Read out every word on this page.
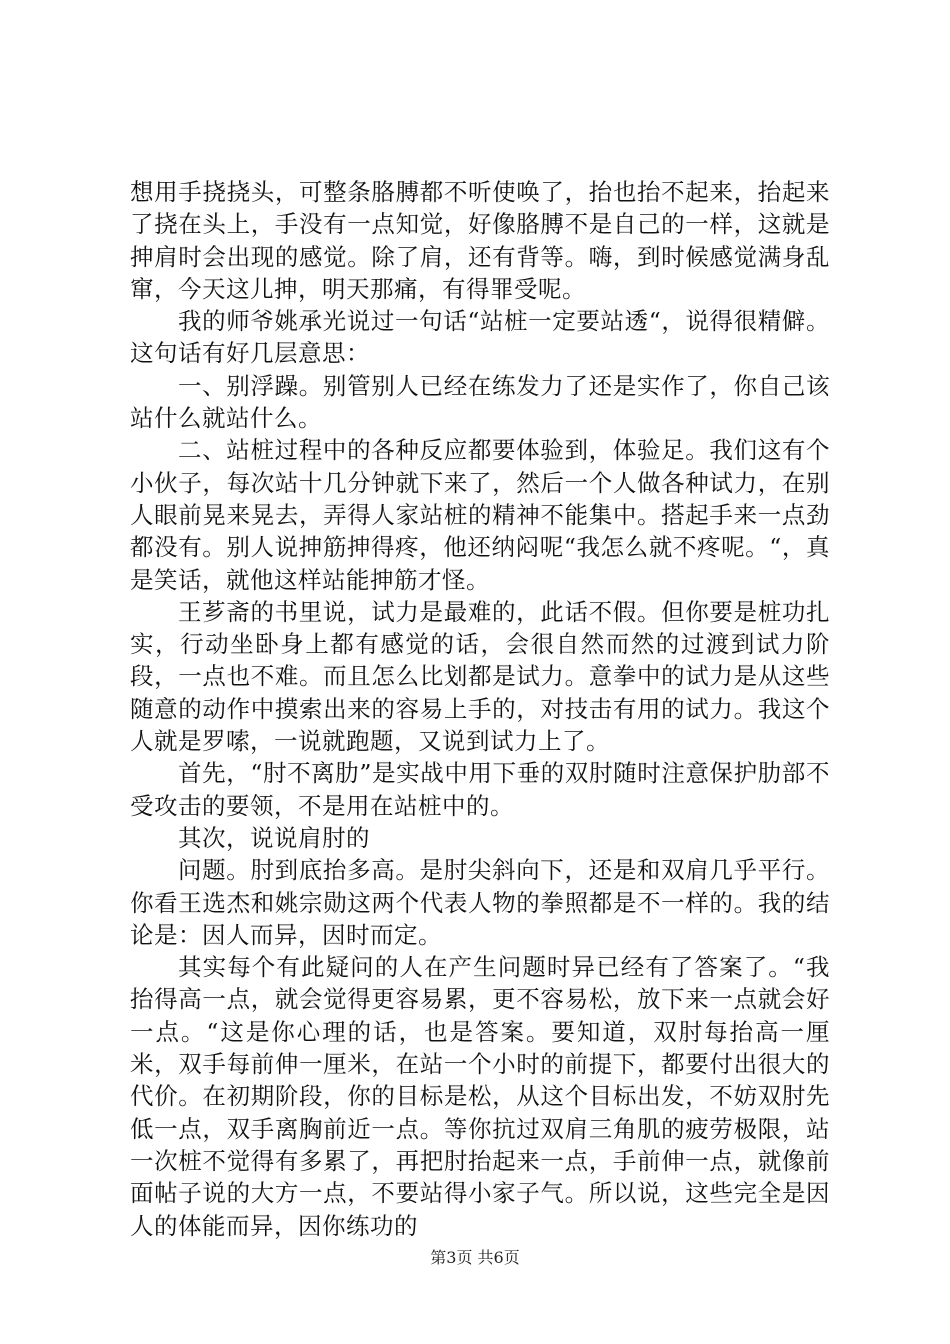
想用手挠挠头，可整条胳膊都不听使唤了，抬也抬不起来，抬起来了挠在头上，手没有一点知觉，好像胳膊不是自己的一样，这就是抻肩时会出现的感觉。除了肩，还有背等。嗨，到时候感觉满身乱窜，今天这儿抻，明天那痛，有得罪受呢。

我的师爷姚承光说过一句话“站桩一定要站透“，说得很精僻。这句话有好几层意思：

一、别浮躁。别管别人已经在练发力了还是实作了，你自己该站什么就站什么。

二、站桩过程中的各种反应都要体验到，体验足。我们这有个小伙子，每次站十几分钟就下来了，然后一个人做各种试力，在别人眼前晃来晃去，弄得人家站桩的精神不能集中。搭起手来一点劲都没有。别人说抻筋抻得疼，他还纳闷呢“我怎么就不疼呢。“，真是笑话，就他这样站能抻筋才怪。

王芗斋的书里说，试力是最难的，此话不假。但你要是桩功扎实，行动坐卧身上都有感觉的话，会很自然而然的过渡到试力阶段，一点也不难。而且怎么比划都是试力。意拳中的试力是从这些随意的动作中摸索出来的容易上手的，对技击有用的试力。我这个人就是罗嗦，一说就跑题，又说到试力上了。

首先，“肘不离肋”是实战中用下垂的双肘随时注意保护肋部不受攻击的要领，不是用在站桩中的。

其次，说说肩肘的

问题。肘到底抬多高。是肘尖斜向下，还是和双肩几乎平行。你看王选杰和姚宗勋这两个代表人物的拳照都是不一样的。我的结论是：因人而异，因时而定。

其实每个有此疑问的人在产生问题时异已经有了答案了。“我抬得高一点，就会觉得更容易累，更不容易松，放下来一点就会好一点。“这是你心理的话，也是答案。要知道，双肘每抬高一厘米，双手每前伸一厘米，在站一个小时的前提下，都要付出很大的代价。在初期阶段，你的目标是松，从这个目标出发，不妨双肘先低一点，双手离胸前近一点。等你抗过双肩三角肌的疲劳极限，站一次桩不觉得有多累了，再把肘抬起来一点，手前伸一点，就像前面帖子说的大方一点，不要站得小家子气。所以说，这些完全是因人的体能而异，因你练功的

第3页 共6页
